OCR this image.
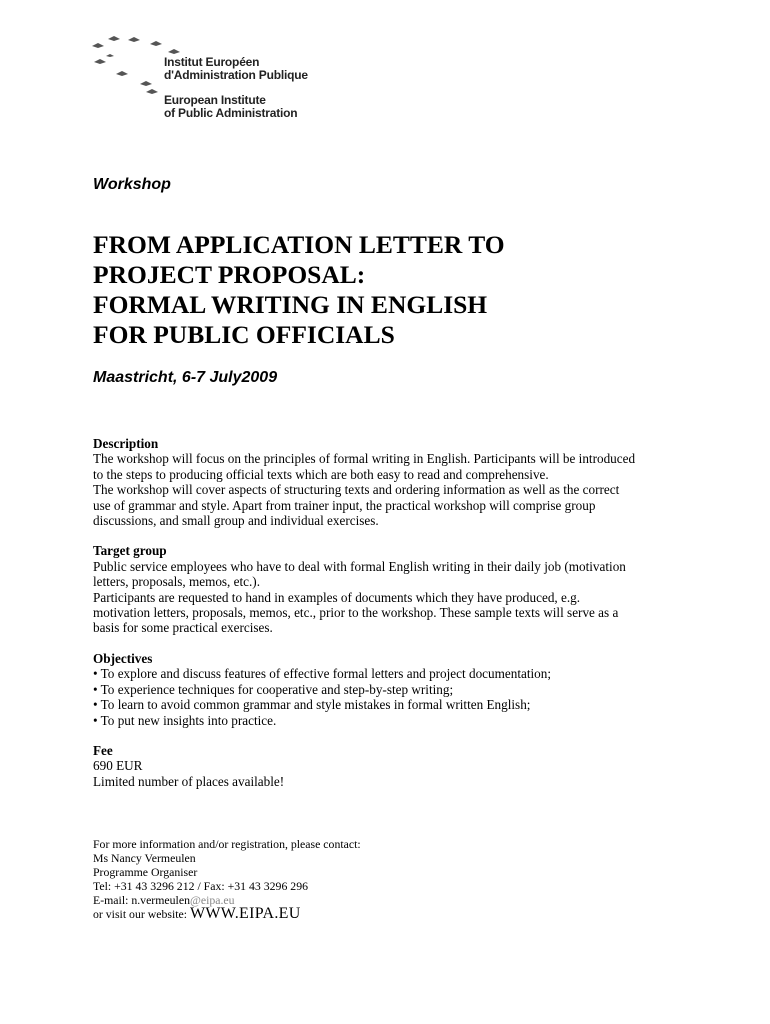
Institut Européen
d'Administration Publique
European Institute
of Public Administration
Workshop
FROM APPLICATION LETTER TO
PROJECT PROPOSAL:
FORMAL WRITING IN ENGLISH
FOR PUBLIC OFFICIALS
Maastricht, 6-7 July2009

Description

The workshop will focus on the principles of formal writing in English. Participants will be introduced

to the steps to producing official texts which are both easy to read and comprehensive.

The workshop will cover aspects of structuring texts and ordering information as well as the correct

use of grammar and style. Apart from trainer input, the practical workshop will comprise group

discussions, and small group and individual exercises.

Target group

Public service employees who have to deal with formal English writing in their daily job (motivation

letters, proposals, memos, etc.).

Participants are requested to hand in examples of documents which they have produced, e.g.

motivation letters, proposals, memos, etc., prior to the workshop. These sample texts will serve as a

basis for some practical exercises.

Objectives

• To explore and discuss features of effective formal letters and project documentation;

• To experience techniques for cooperative and step-by-step writing;

• To learn to avoid common grammar and style mistakes in formal written English;

• To put new insights into practice.

Fee

690 EUR

Limited number of places available!

For more information and/or registration, please contact:

Ms Nancy Vermeulen

Programme Organiser

Tel: +31 43 3296 212 / Fax: +31 43 3296 296

E-mail: n.vermeulen@eipa.eu

or visit our website: WWW.EIPA.EU
